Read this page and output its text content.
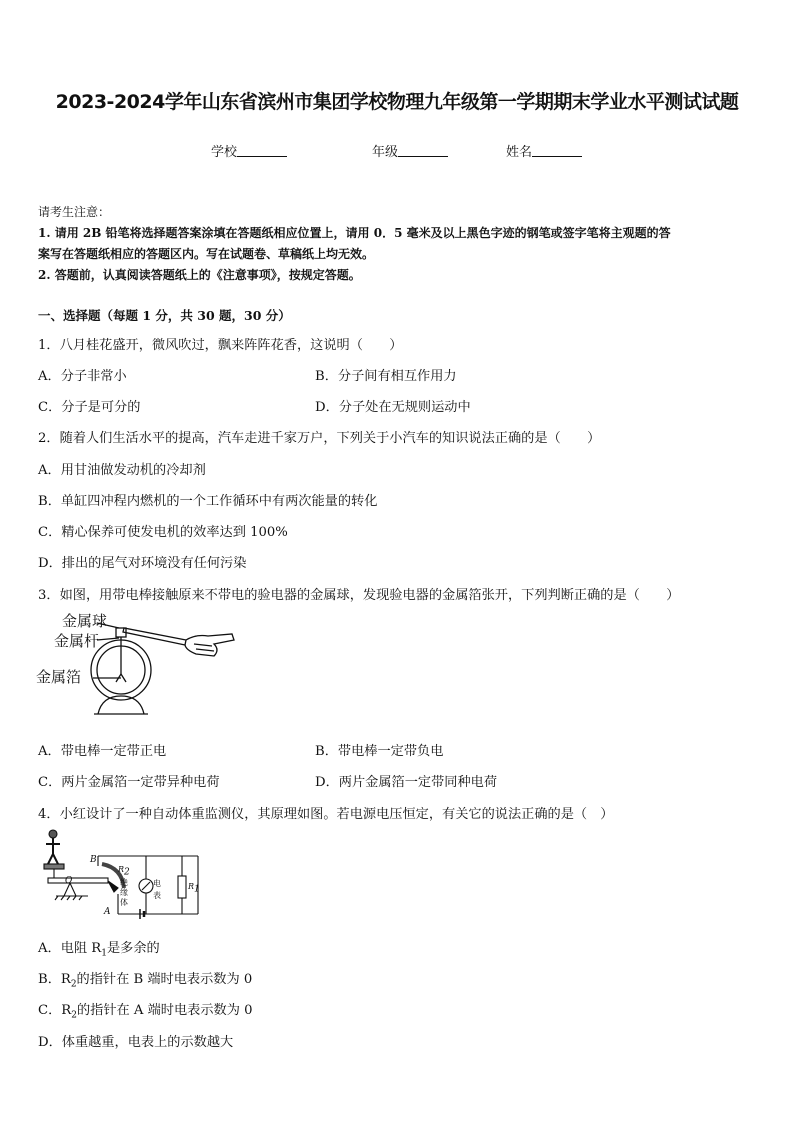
2023-2024学年山东省滨州市集团学校物理九年级第一学期期末学业水平测试试题
学校	年级	姓名
请考生注意：
1. 请用 2B 铅笔将选择题答案涂填在答题纸相应位置上，请用 0．5 毫米及以上黑色字迹的钢笔或签字笔将主观题的答
案写在答题纸相应的答题区内。写在试题卷、草稿纸上均无效。
2. 答题前，认真阅读答题纸上的《注意事项》，按规定答题。
一、选择题（每题 1 分，共 30 题，30 分）
1．八月桂花盛开，微风吹过，飘来阵阵花香，这说明（　　）
A．分子非常小	B．分子间有相互作用力
C．分子是可分的	D．分子处在无规则运动中
2．随着人们生活水平的提高，汽车走进千家万户，下列关于小汽车的知识说法正确的是（　　）
A．用甘油做发动机的冷却剂
B．单缸四冲程内燃机的一个工作循环中有两次能量的转化
C．精心保养可使发电机的效率达到 100%
D．排出的尾气对环境没有任何污染
3．如图，用带电棒接触原来不带电的验电器的金属球，发现验电器的金属箔张开，下列判断正确的是（　　）
金属球
金属杆
金属箔
A．带电棒一定带正电	B．带电棒一定带负电
C．两片金属箔一定带异种电荷	D．两片金属箔一定带同种电荷
4．小红设计了一种自动体重监测仪，其原理如图。若电源电压恒定，有关它的说法正确的是（　）
B
A
O
$R_2$
绝缘体
电表
$R_1$
A．电阻 $R_1$是多余的
B．$R_2$的指针在 B 端时电表示数为 0
C．$R_2$的指针在 A 端时电表示数为 0
D．体重越重，电表上的示数越大
